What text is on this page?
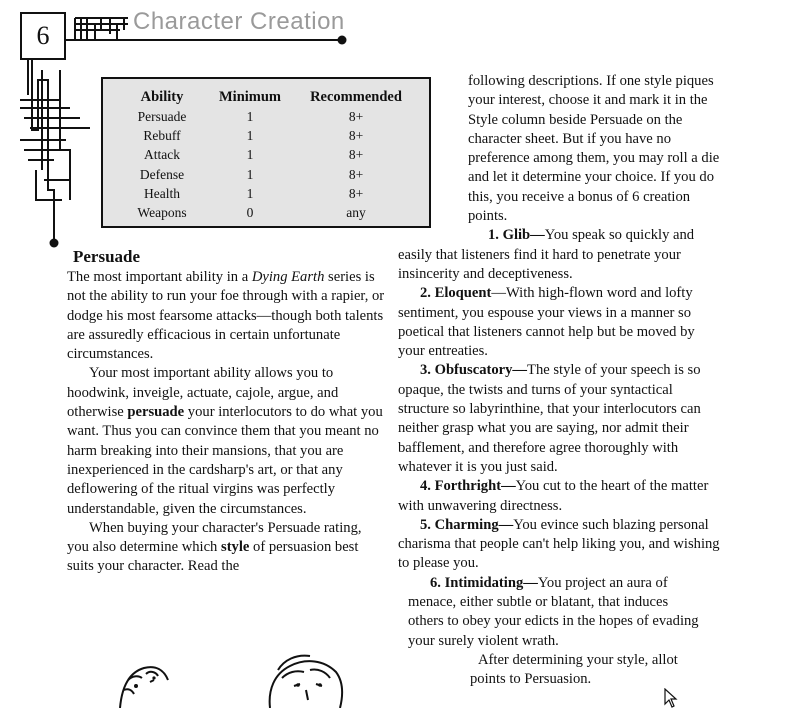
6	Character Creation
Ability	Minimum	Recommended
Persuade	1	8+
Rebuff	1	8+
Attack	1	8+
Defense	1	8+
Health	1	8+
Weapons	0	any
Persuade

The most important ability in a Dying Earth series is not the ability to run your foe through with a rapier, or dodge his most fearsome attacks—though both talents are assuredly efficacious in certain unfortunate circumstances.

Your most important ability allows you to hoodwink, inveigle, actuate, cajole, argue, and otherwise persuade your interlocutors to do what you want. Thus you can convince them that you meant no harm breaking into their mansions, that you are inexperienced in the cardsharp's art, or that any deflowering of the ritual virgins was perfectly understandable, given the circumstances.

When buying your character's Persuade rating, you also determine which style of persuasion best suits your character. Read the

following descriptions. If one style piques your interest, choose it and mark it in the Style column beside Persuade on the character sheet. But if you have no preference among them, you may roll a die and let it determine your choice. If you do this, you receive a bonus of 6 creation points.

1. Glib—You speak so quickly and easily that listeners find it hard to penetrate your insincerity and deceptiveness.

2. Eloquent—With high-flown word and lofty sentiment, you espouse your views in a manner so poetical that listeners cannot help but be moved by your entreaties.

3. Obfuscatory—The style of your speech is so opaque, the twists and turns of your syntactical structure so labyrinthine, that your interlocutors can neither grasp what you are saying, nor admit their bafflement, and therefore agree thoroughly with whatever it is you just said.

4. Forthright—You cut to the heart of the matter with unwavering directness.

5. Charming—You evince such blazing personal charisma that people can't help liking you, and wishing to please you.

6. Intimidating—You project an aura of menace, either subtle or blatant, that induces others to obey your edicts in the hopes of evading your surely violent wrath.

After determining your style, allot points to Persuasion.
